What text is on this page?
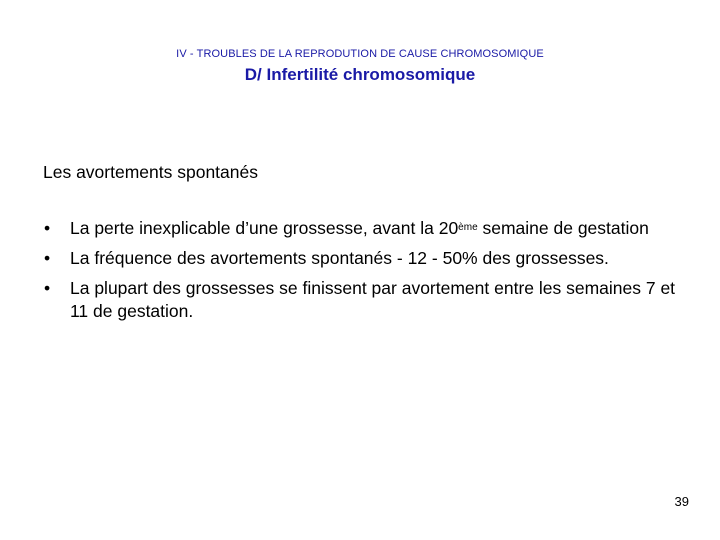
IV - TROUBLES DE LA REPRODUTION DE CAUSE CHROMOSOMIQUE
D/ Infertilité chromosomique
Les avortements spontanés
•	La perte inexplicable d’une grossesse, avant la 20ème semaine de gestation
•	La fréquence des avortements spontanés - 12 - 50% des grossesses.
•	La plupart des grossesses se finissent par avortement entre les semaines 7 et 11 de gestation.
39
